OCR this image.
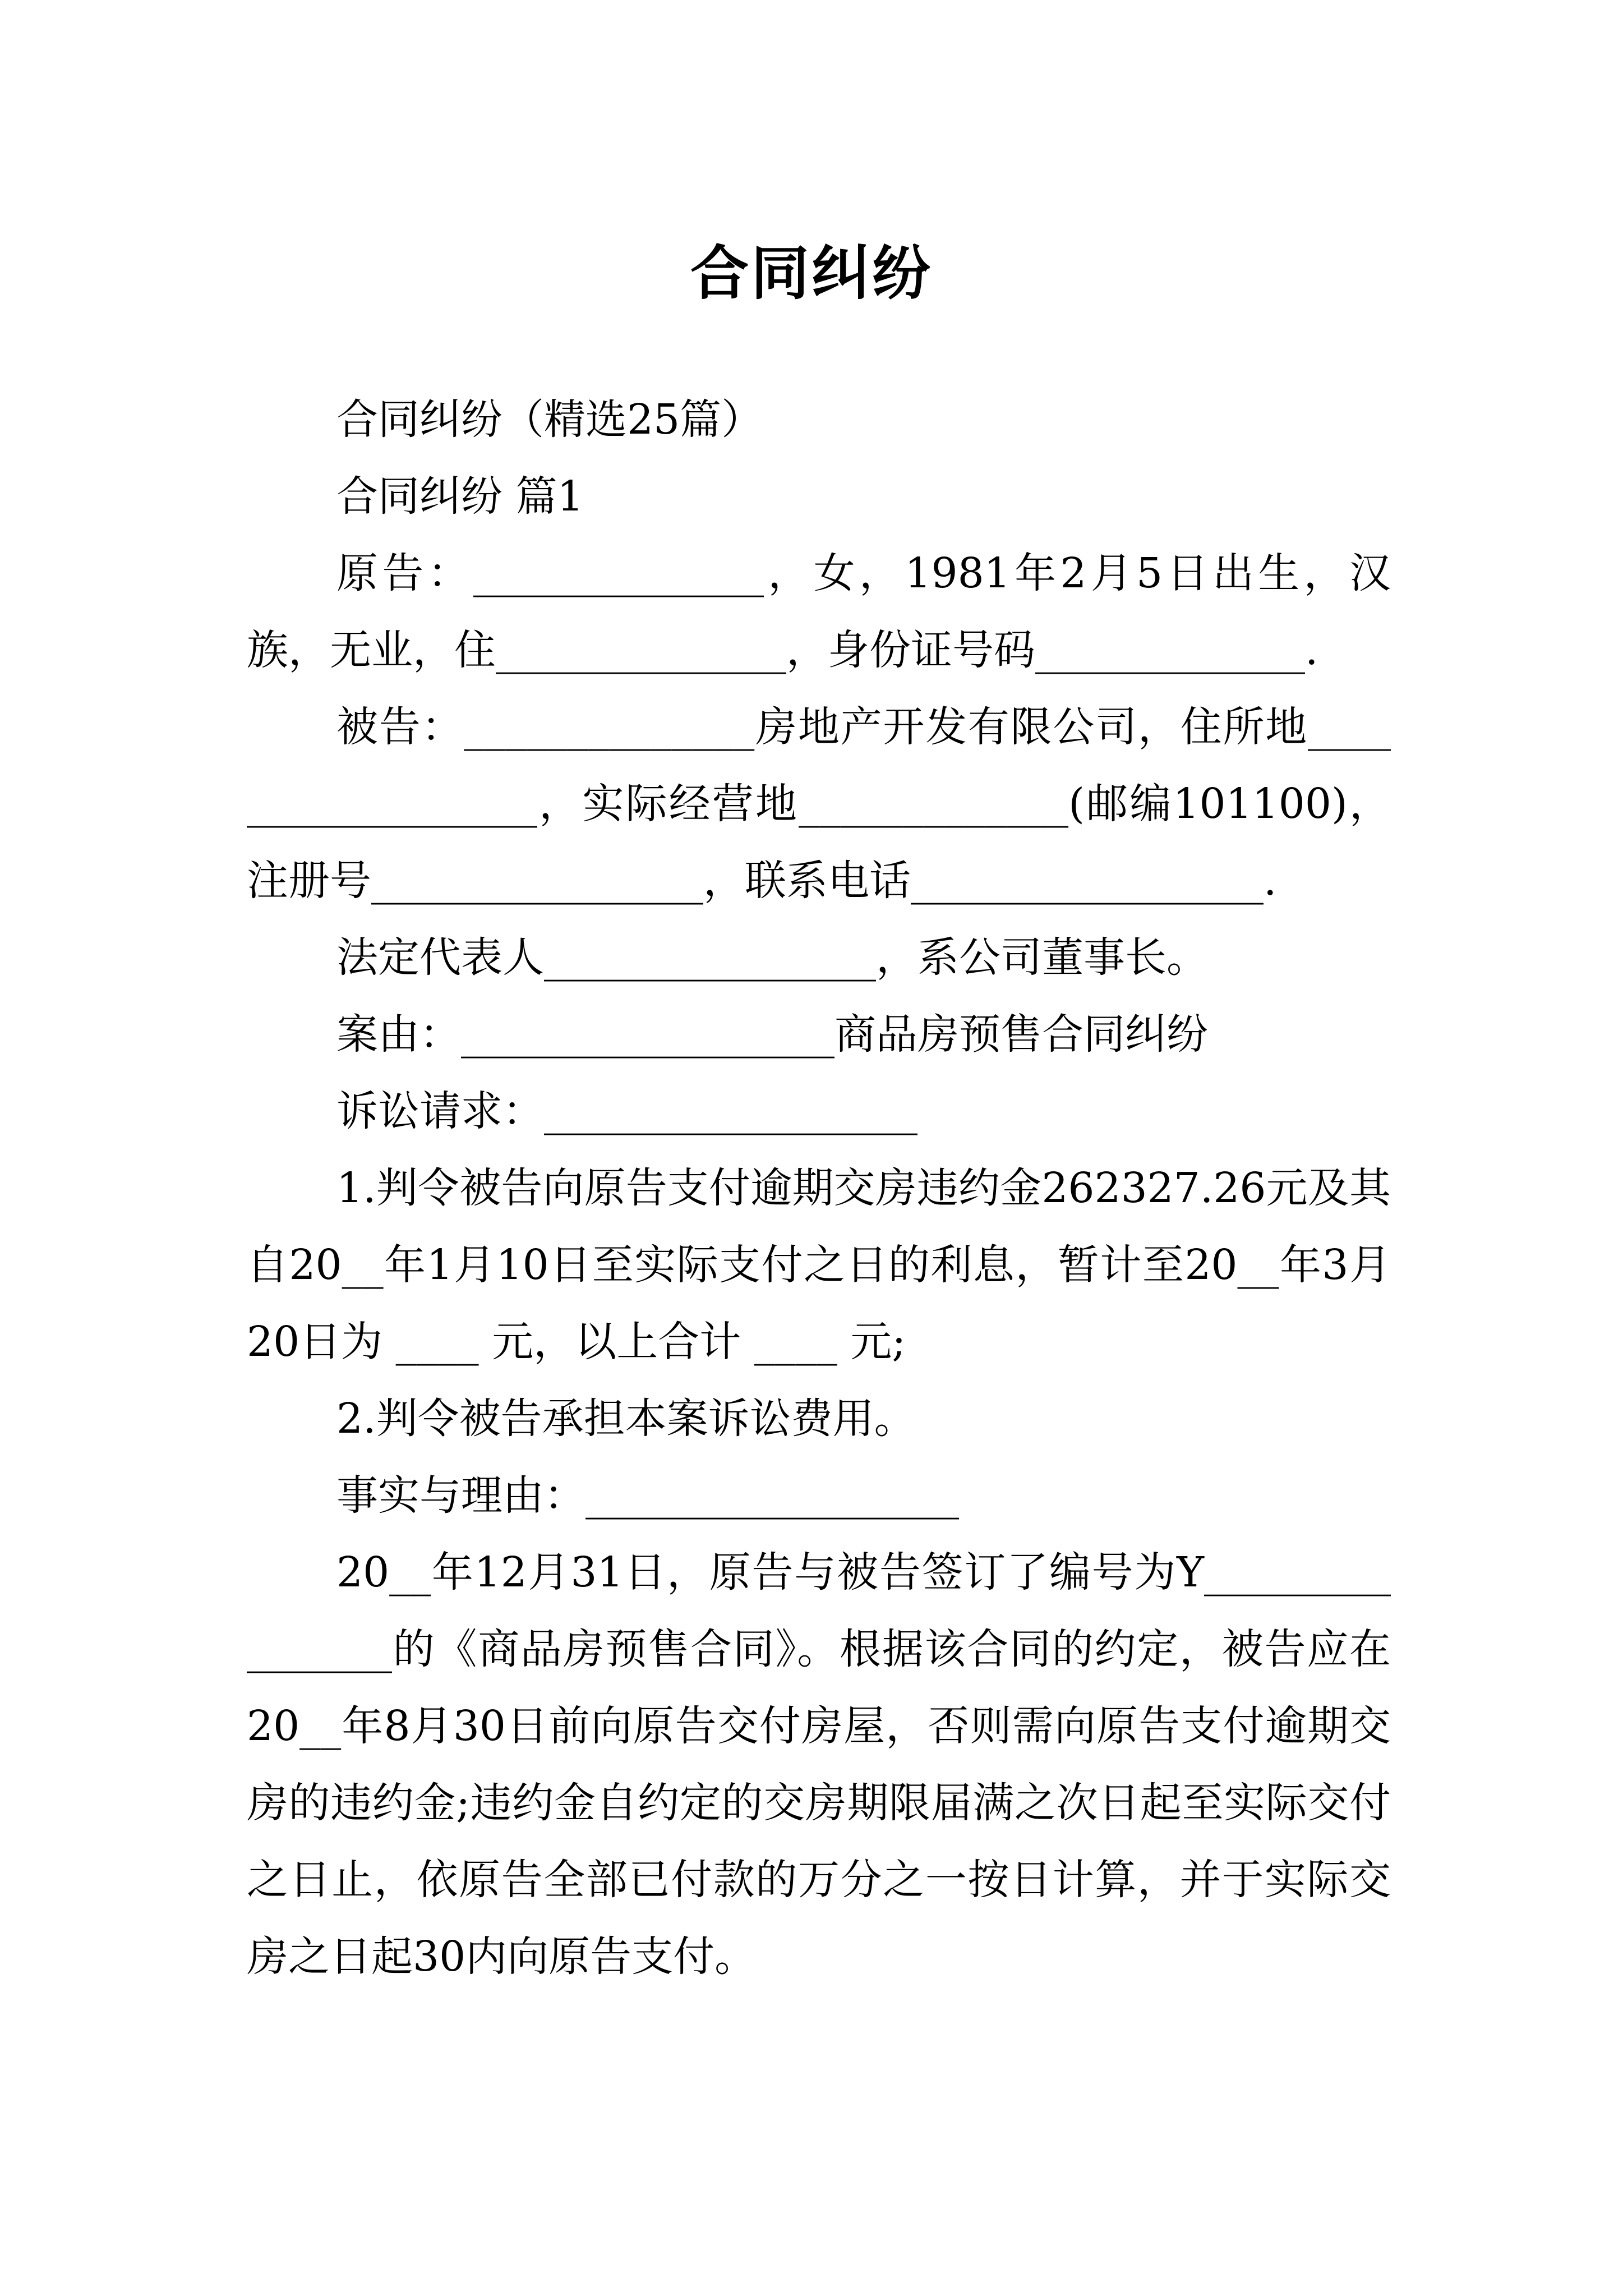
合同纠纷

合同纠纷（精选25篇）

合同纠纷 篇1

原告：______________，女，1981年2月5日出生，汉族，无业，住______________，身份证号码_____________.

被告：______________房地产开发有限公司，住所地__________________，实际经营地_____________(邮编101100)，注册号________________，联系电话_________________.

法定代表人________________，系公司董事长。

案由：__________________商品房预售合同纠纷

诉讼请求：__________________

1.判令被告向原告支付逾期交房违约金262327.26元及其自20__年1月10日至实际支付之日的利息，暂计至20__年3月20日为 ____ 元，以上合计 ____ 元;

2.判令被告承担本案诉讼费用。

事实与理由：__________________

20__年12月31日，原告与被告签订了编号为Y________________的《商品房预售合同》。根据该合同的约定，被告应在20__年8月30日前向原告交付房屋，否则需向原告支付逾期交房的违约金;违约金自约定的交房期限届满之次日起至实际交付之日止，依原告全部已付款的万分之一按日计算，并于实际交房之日起30内向原告支付。
